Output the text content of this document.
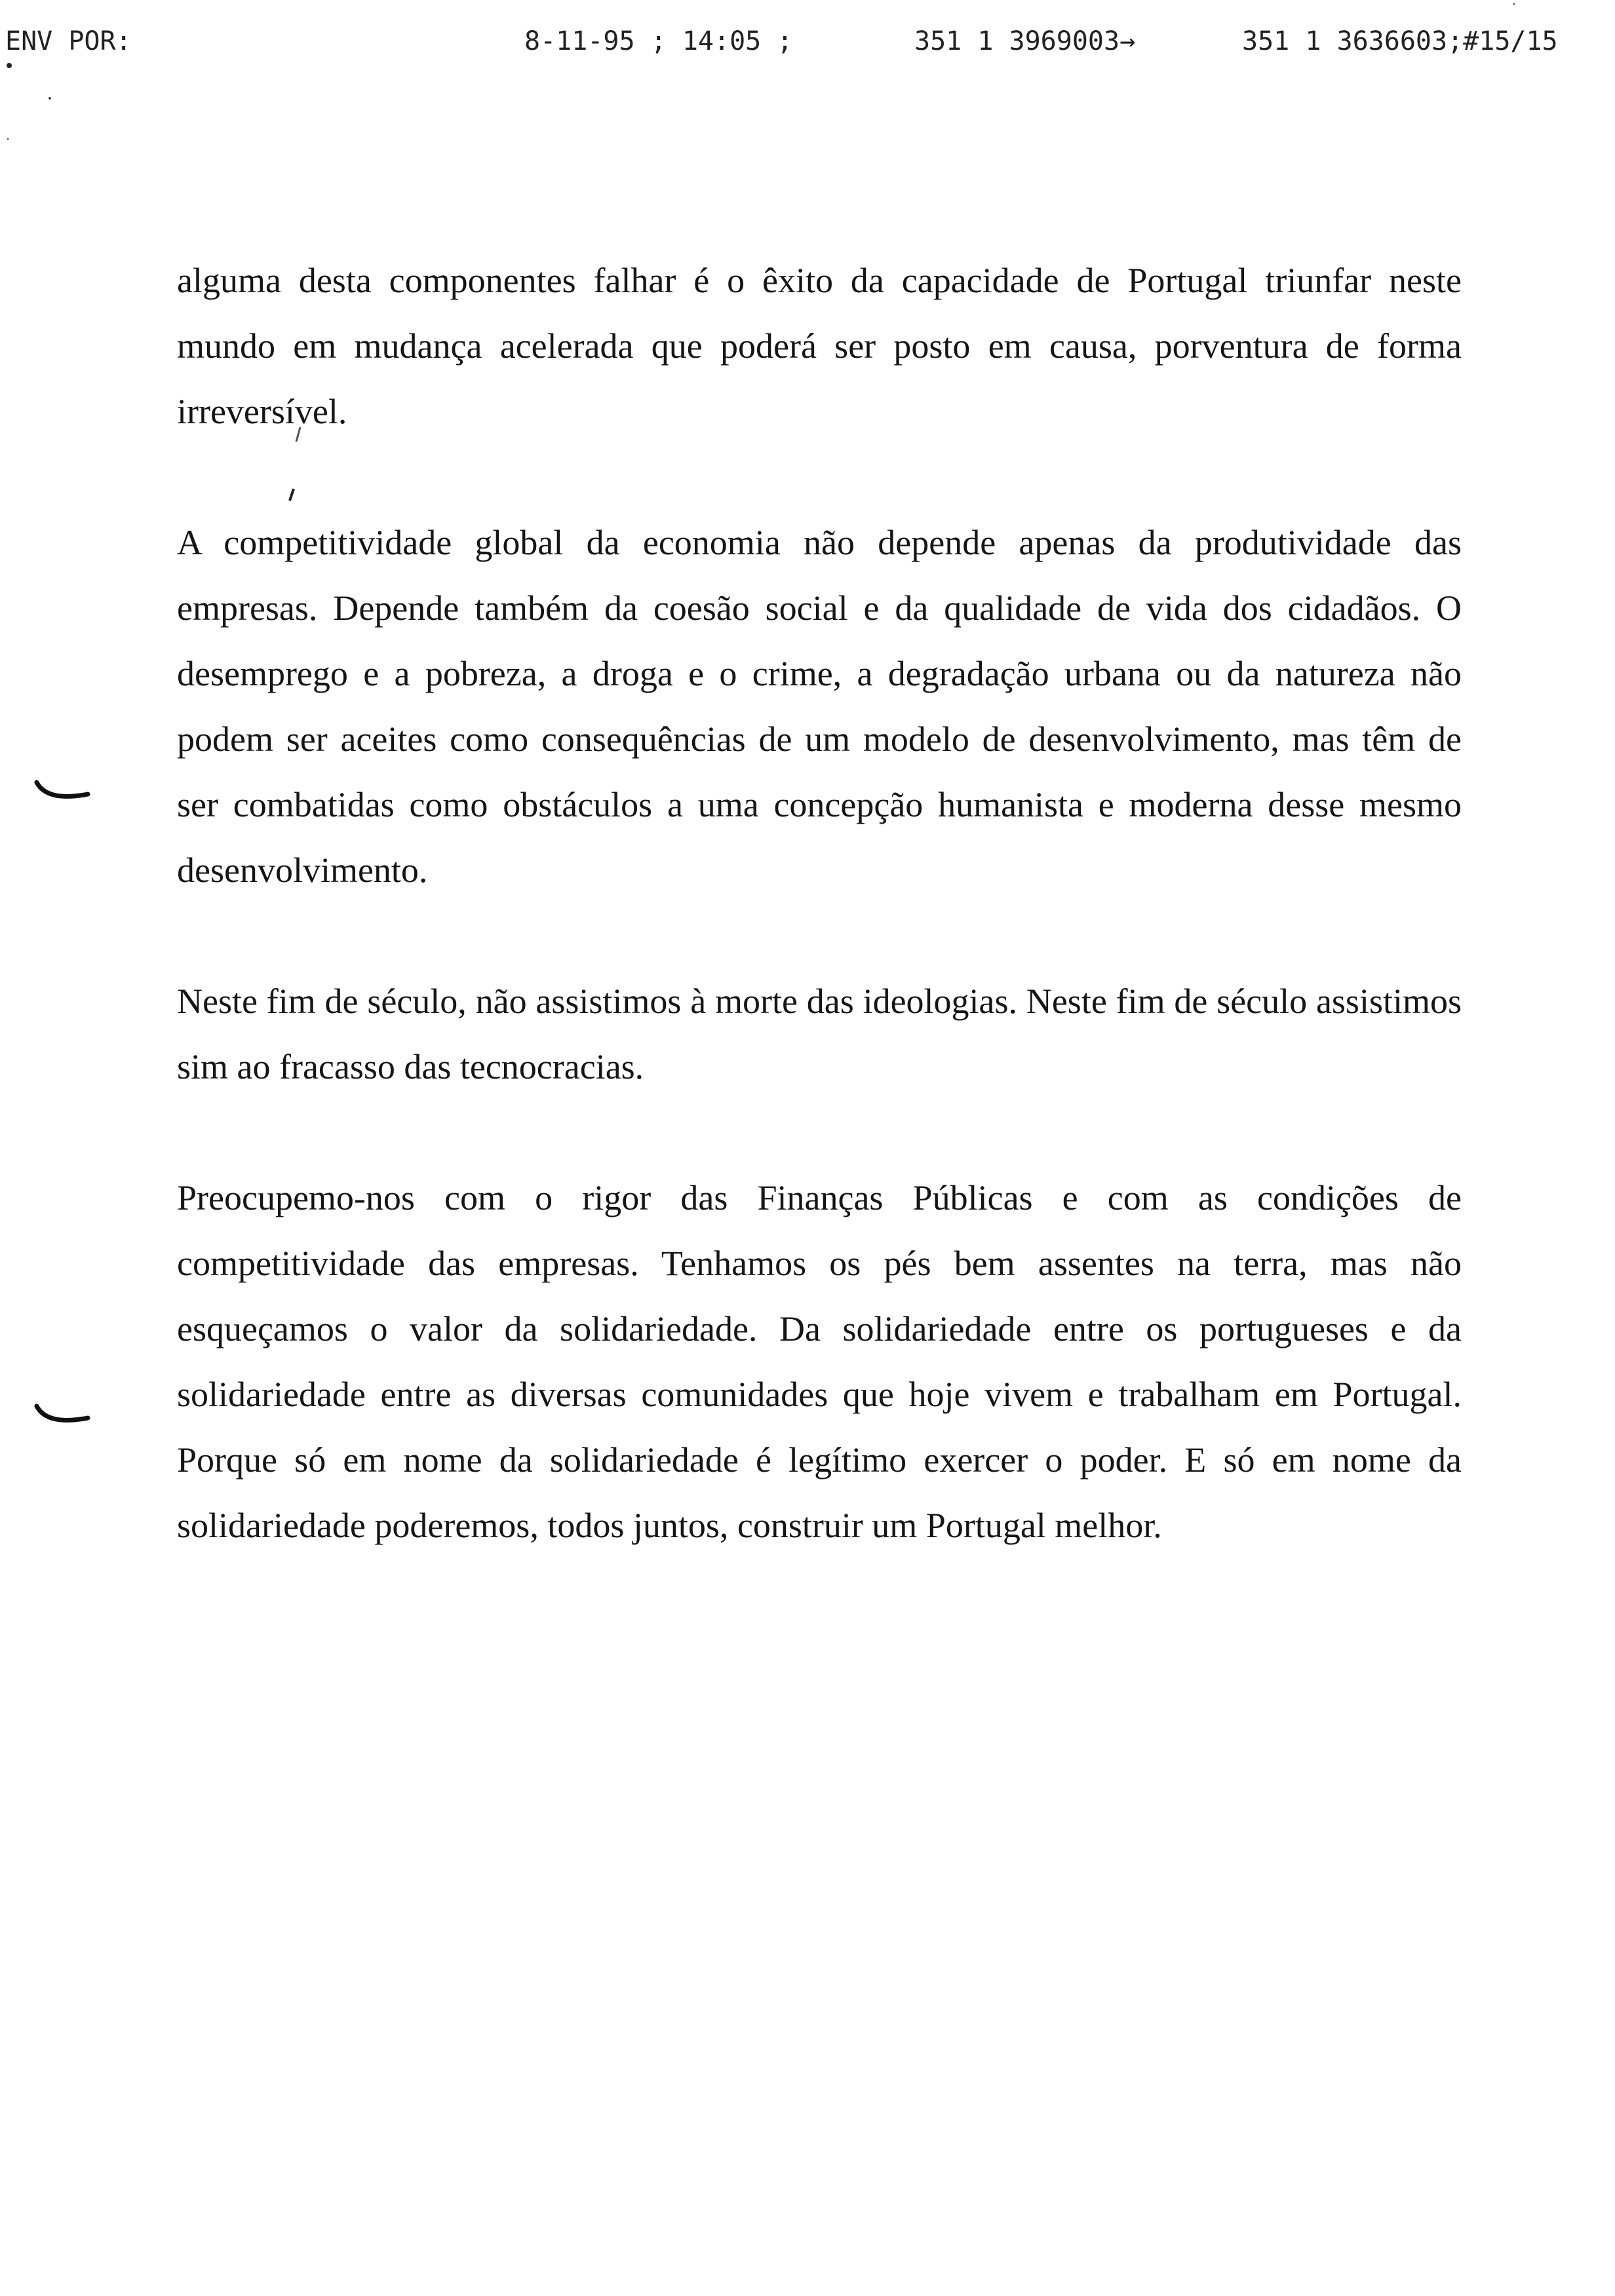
ENV POR:	8-11-95 ; 14:05 ;	351 1 3969003→	351 1 3636603;#15/15

alguma desta componentes falhar é o êxito da capacidade de Portugal triunfar neste mundo em mudança acelerada que poderá ser posto em causa, porventura de forma irreversível.

A competitividade global da economia não depende apenas da produtividade das empresas. Depende também da coesão social e da qualidade de vida dos cidadãos. O desemprego e a pobreza, a droga e o crime, a degradação urbana ou da natureza não podem ser aceites como consequências de um modelo de desenvolvimento, mas têm de ser combatidas como obstáculos a uma concepção humanista e moderna desse mesmo desenvolvimento.

Neste fim de século, não assistimos à morte das ideologias. Neste fim de século assistimos sim ao fracasso das tecnocracias.

Preocupemo-nos com o rigor das Finanças Públicas e com as condições de competitividade das empresas. Tenhamos os pés bem assentes na terra, mas não esqueçamos o valor da solidariedade. Da solidariedade entre os portugueses e da solidariedade entre as diversas comunidades que hoje vivem e trabalham em Portugal. Porque só em nome da solidariedade é legítimo exercer o poder. E só em nome da solidariedade poderemos, todos juntos, construir um Portugal melhor.
